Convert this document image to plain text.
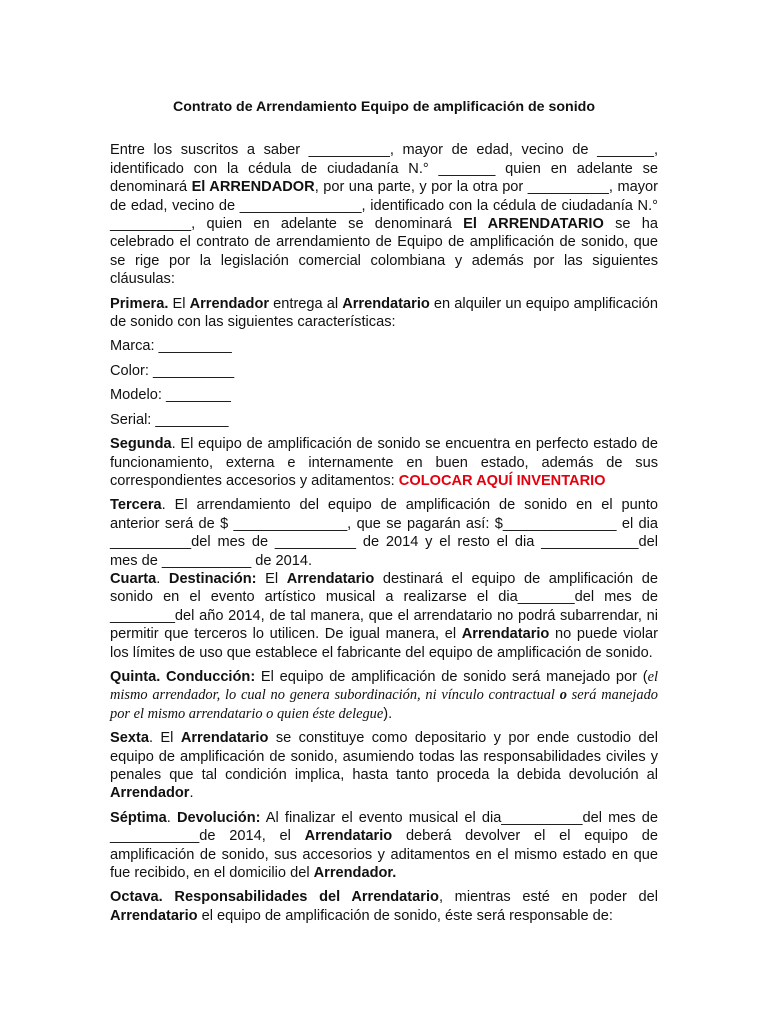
Contrato de Arrendamiento Equipo de amplificación de sonido

Entre los suscritos a saber __________, mayor de edad, vecino de _______, identificado con la cédula de ciudadanía N.° _______ quien en adelante se denominará El ARRENDADOR, por una parte, y por la otra por __________, mayor de edad, vecino de _______________, identificado con la cédula de ciudadanía N.° __________, quien en adelante se denominará El ARRENDATARIO se ha celebrado el contrato de arrendamiento de Equipo de amplificación de sonido, que se rige por la legislación comercial colombiana y además por las siguientes cláusulas:

Primera. El Arrendador entrega al Arrendatario en alquiler un equipo amplificación de sonido con las siguientes características:

Marca: _________
Color: __________
Modelo: ________
Serial: _________

Segunda. El equipo de amplificación de sonido se encuentra en perfecto estado de funcionamiento, externa e internamente en buen estado, además de sus correspondientes accesorios y aditamentos: COLOCAR AQUÍ INVENTARIO

Tercera. El arrendamiento del equipo de amplificación de sonido en el punto anterior será de $ ______________, que se pagarán así: $______________ el dia __________del mes de __________ de 2014 y el resto el dia ____________del mes de ___________ de 2014.

Cuarta. Destinación: El Arrendatario destinará el equipo de amplificación de sonido en el evento artístico musical a realizarse el dia_______del mes de ________del año 2014, de tal manera, que el arrendatario no podrá subarrendar, ni permitir que terceros lo utilicen. De igual manera, el Arrendatario no puede violar los límites de uso que establece el fabricante del equipo de amplificación de sonido.

Quinta. Conducción: El equipo de amplificación de sonido será manejado por (el mismo arrendador, lo cual no genera subordinación, ni vínculo contractual o será manejado por el mismo arrendatario o quien éste delegue).

Sexta. El Arrendatario se constituye como depositario y por ende custodio del equipo de amplificación de sonido, asumiendo todas las responsabilidades civiles y penales que tal condición implica, hasta tanto proceda la debida devolución al Arrendador.

Séptima. Devolución: Al finalizar el evento musical el dia__________del mes de ___________de 2014, el Arrendatario deberá devolver el el equipo de amplificación de sonido, sus accesorios y aditamentos en el mismo estado en que fue recibido, en el domicilio del Arrendador.

Octava. Responsabilidades del Arrendatario, mientras esté en poder del Arrendatario el equipo de amplificación de sonido, éste será responsable de:
